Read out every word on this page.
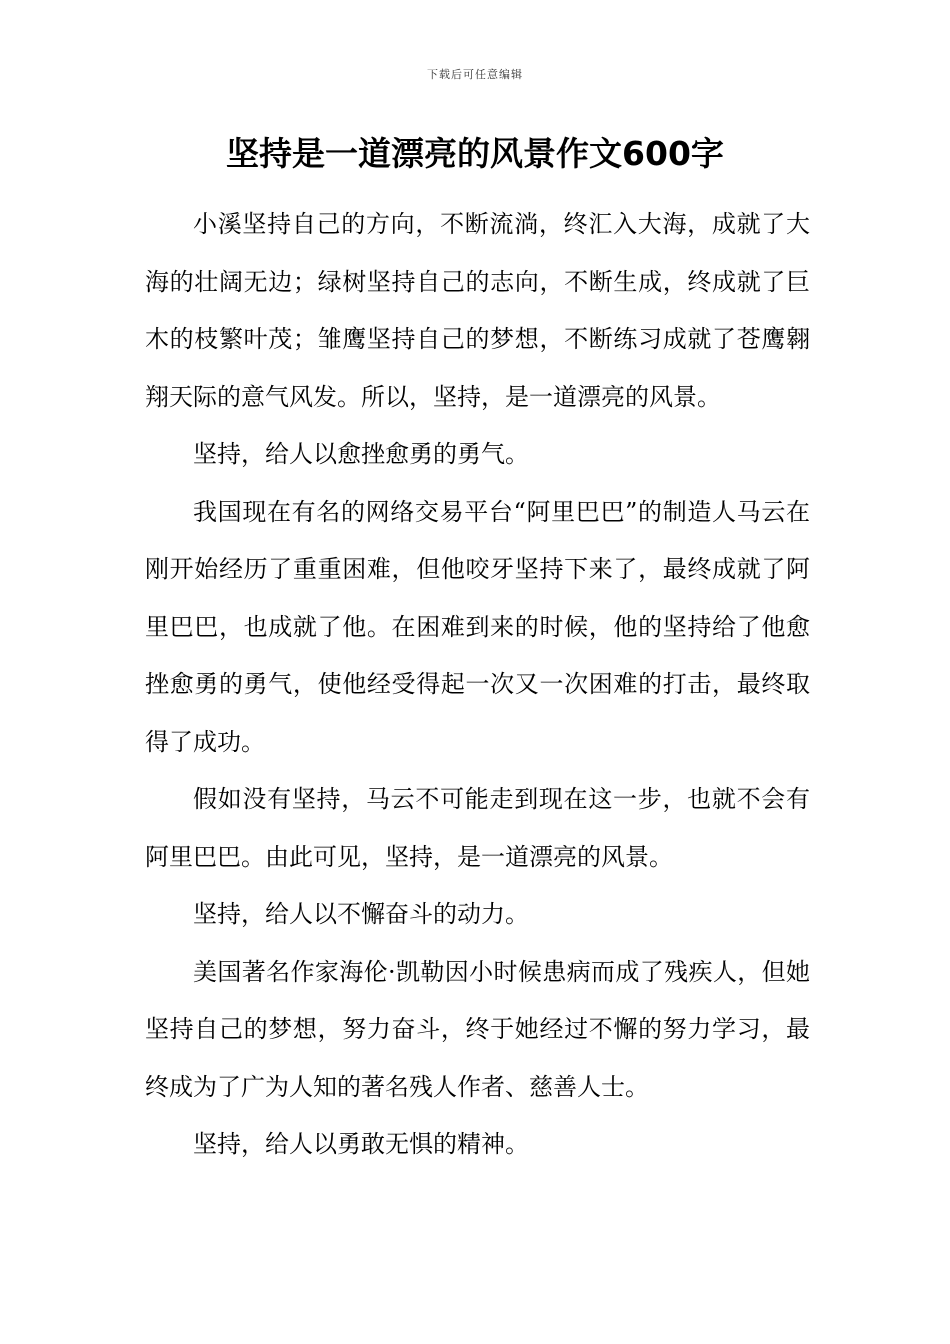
下载后可任意编辑
坚持是一道漂亮的风景作文600字

小溪坚持自己的方向，不断流淌，终汇入大海，成就了大海的壮阔无边；绿树坚持自己的志向，不断生成，终成就了巨木的枝繁叶茂；雏鹰坚持自己的梦想，不断练习成就了苍鹰翱翔天际的意气风发。所以，坚持，是一道漂亮的风景。

坚持，给人以愈挫愈勇的勇气。

我国现在有名的网络交易平台“阿里巴巴”的制造人马云在刚开始经历了重重困难，但他咬牙坚持下来了，最终成就了阿里巴巴，也成就了他。在困难到来的时候，他的坚持给了他愈挫愈勇的勇气，使他经受得起一次又一次困难的打击，最终取得了成功。

假如没有坚持，马云不可能走到现在这一步，也就不会有阿里巴巴。由此可见，坚持，是一道漂亮的风景。

坚持，给人以不懈奋斗的动力。

美国著名作家海伦·凯勒因小时候患病而成了残疾人，但她坚持自己的梦想，努力奋斗，终于她经过不懈的努力学习，最终成为了广为人知的著名残人作者、慈善人士。

坚持，给人以勇敢无惧的精神。
